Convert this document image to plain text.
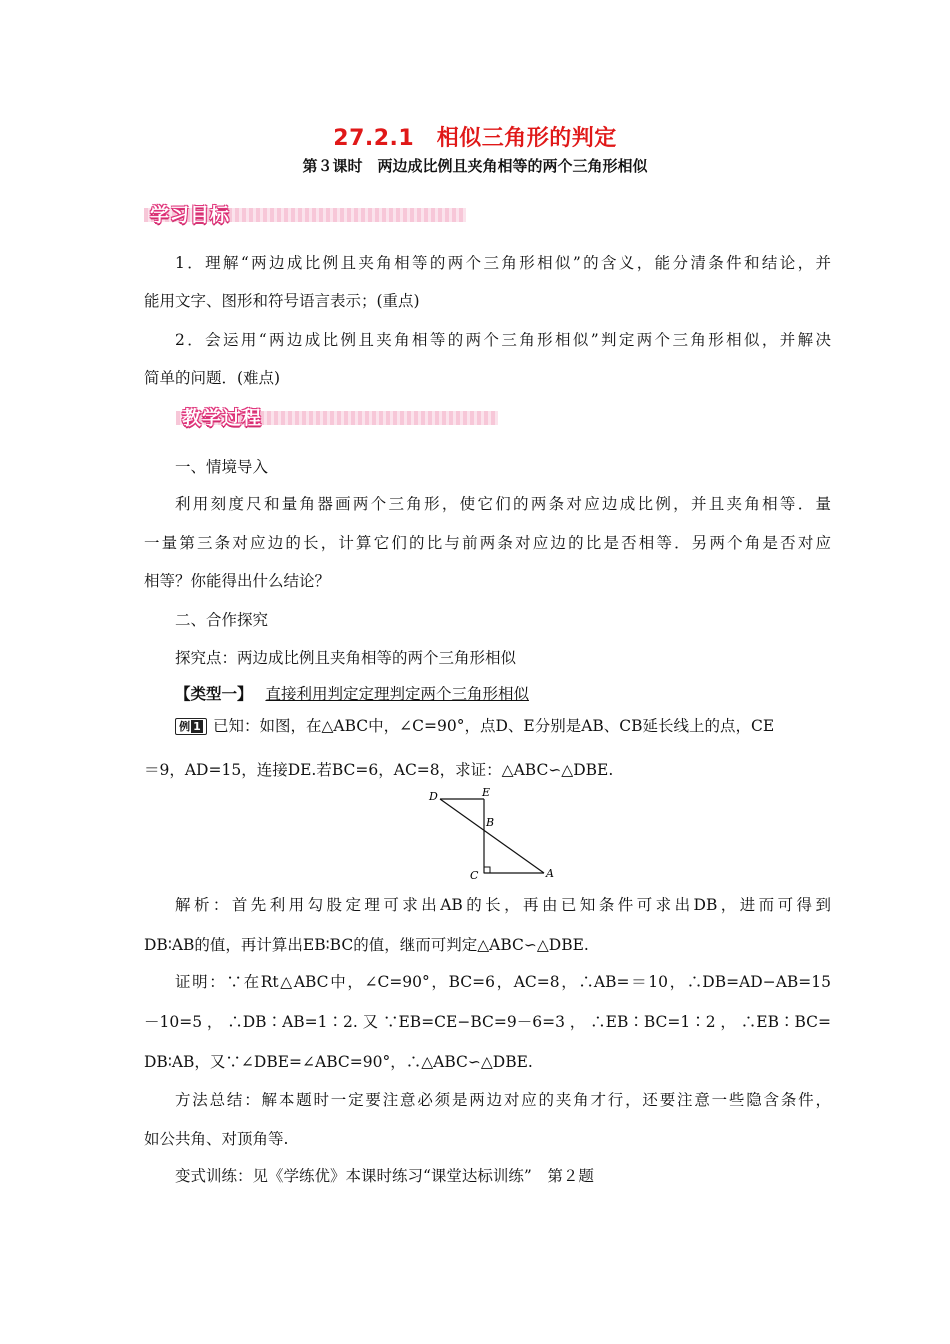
27.2.1　相似三角形的判定
第３课时　两边成比例且夹角相等的两个三角形相似
学习目标
1．理解“两边成比例且夹角相等的两个三角形相似”的含义，能分清条件和结论，并
能用文字、图形和符号语言表示；(重点)
2．会运用“两边成比例且夹角相等的两个三角形相似”判定两个三角形相似，并解决
简单的问题．(难点)
教学过程
一、情境导入
利用刻度尺和量角器画两个三角形，使它们的两条对应边成比例，并且夹角相等．量
一量第三条对应边的长，计算它们的比与前两条对应边的比是否相等．另两个角是否对应
相等？你能得出什么结论？
二、合作探究
探究点：两边成比例且夹角相等的两个三角形相似
【类型一】 直接利用判定定理判定两个三角形相似
例 1 已知：如图，在△ABC中，∠C=90°，点D、E分别是AB、CB延长线上的点，CE
＝9，AD=15，连接DE.若BC=6，AC=8，求证：△ABC∽△DBE.
D	E
B
C	A
解析：首先利用勾股定理可求出AB的长，再由已知条件可求出DB，进而可得到
DB∶AB的值，再计算出EB∶BC的值，继而可判定△ABC∽△DBE.
证明：∵在Rt△ABC中，∠C=90°，BC=6，AC=8，∴AB=＝10，∴DB=AD−AB=15
－10=5，∴DB∶AB=1∶2.又∵EB=CE−BC=9－6=3，∴EB∶BC=1∶2，∴EB∶BC=
DB∶AB，又∵∠DBE=∠ABC=90°，∴△ABC∽△DBE.
方法总结：解本题时一定要注意必须是两边对应的夹角才行，还要注意一些隐含条件，
如公共角、对顶角等.
变式训练：见《学练优》本课时练习“课堂达标训练”　第２题
